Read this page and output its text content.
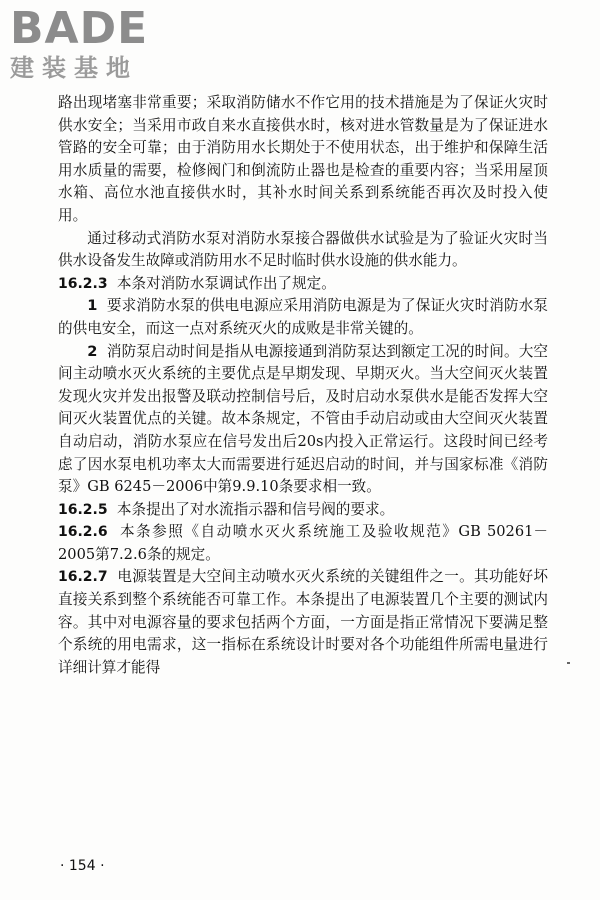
BADE
建装基地

路出现堵塞非常重要；采取消防储水不作它用的技术措施是为了保证火灾时供水安全；当采用市政自来水直接供水时，核对进水管数量是为了保证进水管路的安全可靠；由于消防用水长期处于不使用状态，出于维护和保障生活用水质量的需要，检修阀门和倒流防止器也是检查的重要内容；当采用屋顶水箱、高位水池直接供水时，其补水时间关系到系统能否再次及时投入使用。

通过移动式消防水泵对消防水泵接合器做供水试验是为了验证火灾时当供水设备发生故障或消防用水不足时临时供水设施的供水能力。

16.2.3 本条对消防水泵调试作出了规定。

1 要求消防水泵的供电电源应采用消防电源是为了保证火灾时消防水泵的供电安全，而这一点对系统灭火的成败是非常关键的。

2 消防泵启动时间是指从电源接通到消防泵达到额定工况的时间。大空间主动喷水灭火系统的主要优点是早期发现、早期灭火。当大空间灭火装置发现火灾并发出报警及联动控制信号后，及时启动水泵供水是能否发挥大空间灭火装置优点的关键。故本条规定，不管由手动启动或由大空间灭火装置自动启动，消防水泵应在信号发出后20s内投入正常运行。这段时间已经考虑了因水泵电机功率太大而需要进行延迟启动的时间，并与国家标准《消防泵》GB 6245－2006中第9.9.10条要求相一致。

16.2.5 本条提出了对水流指示器和信号阀的要求。

16.2.6 本条参照《自动喷水灭火系统施工及验收规范》GB 50261－2005第7.2.6条的规定。

16.2.7 电源装置是大空间主动喷水灭火系统的关键组件之一。其功能好坏直接关系到整个系统能否可靠工作。本条提出了电源装置几个主要的测试内容。其中对电源容量的要求包括两个方面，一方面是指正常情况下要满足整个系统的用电需求，这一指标在系统设计时要对各个功能组件所需电量进行详细计算才能得

· 154 ·
